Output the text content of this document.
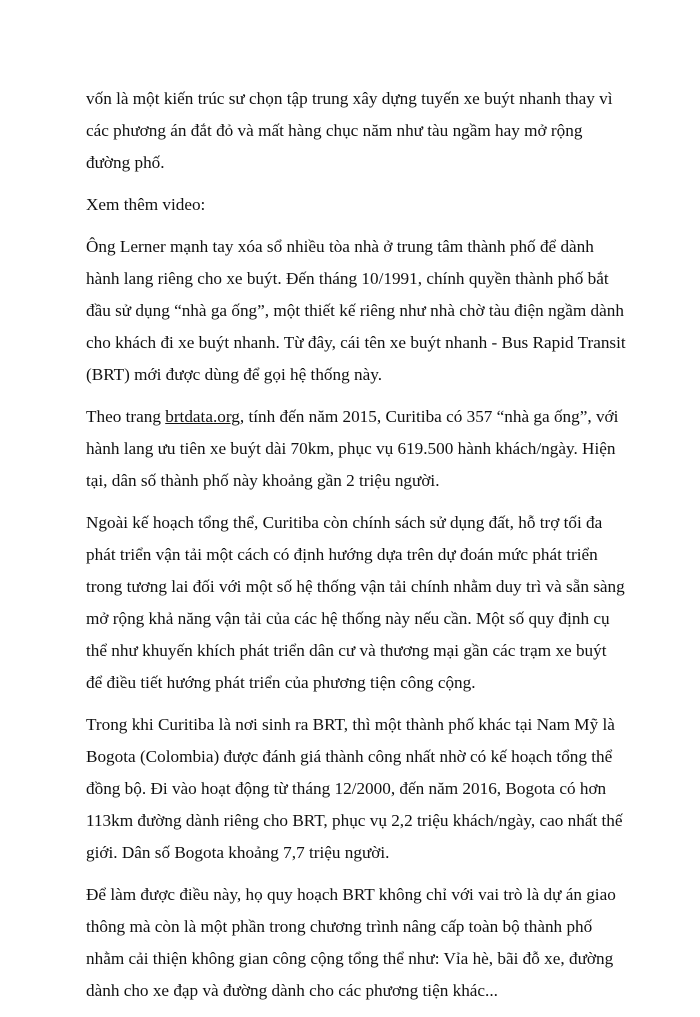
vốn là một kiến trúc sư chọn tập trung xây dựng tuyến xe buýt nhanh thay vì các phương án đắt đỏ và mất hàng chục năm như tàu ngầm hay mở rộng đường phố.

Xem thêm video:

Ông Lerner mạnh tay xóa sổ nhiều tòa nhà ở trung tâm thành phố để dành hành lang riêng cho xe buýt. Đến tháng 10/1991, chính quyền thành phố bắt đầu sử dụng “nhà ga ống”, một thiết kế riêng như nhà chờ tàu điện ngầm dành cho khách đi xe buýt nhanh. Từ đây, cái tên xe buýt nhanh - Bus Rapid Transit (BRT) mới được dùng để gọi hệ thống này.

Theo trang brtdata.org, tính đến năm 2015, Curitiba có 357 “nhà ga ống”, với hành lang ưu tiên xe buýt dài 70km, phục vụ 619.500 hành khách/ngày. Hiện tại, dân số thành phố này khoảng gần 2 triệu người.

Ngoài kế hoạch tổng thể, Curitiba còn chính sách sử dụng đất, hỗ trợ tối đa phát triển vận tải một cách có định hướng dựa trên dự đoán mức phát triển trong tương lai đối với một số hệ thống vận tải chính nhằm duy trì và sẵn sàng mở rộng khả năng vận tải của các hệ thống này nếu cần. Một số quy định cụ thể như khuyến khích phát triển dân cư và thương mại gần các trạm xe buýt để điều tiết hướng phát triển của phương tiện công cộng.

Trong khi Curitiba là nơi sinh ra BRT, thì một thành phố khác tại Nam Mỹ là Bogota (Colombia) được đánh giá thành công nhất nhờ có kế hoạch tổng thể đồng bộ. Đi vào hoạt động từ tháng 12/2000, đến năm 2016, Bogota có hơn 113km đường dành riêng cho BRT, phục vụ 2,2 triệu khách/ngày, cao nhất thế giới. Dân số Bogota khoảng 7,7 triệu người.

Để làm được điều này, họ quy hoạch BRT không chỉ với vai trò là dự án giao thông mà còn là một phần trong chương trình nâng cấp toàn bộ thành phố nhằm cải thiện không gian công cộng tổng thể như: Vỉa hè, bãi đỗ xe, đường dành cho xe đạp và đường dành cho các phương tiện khác...
